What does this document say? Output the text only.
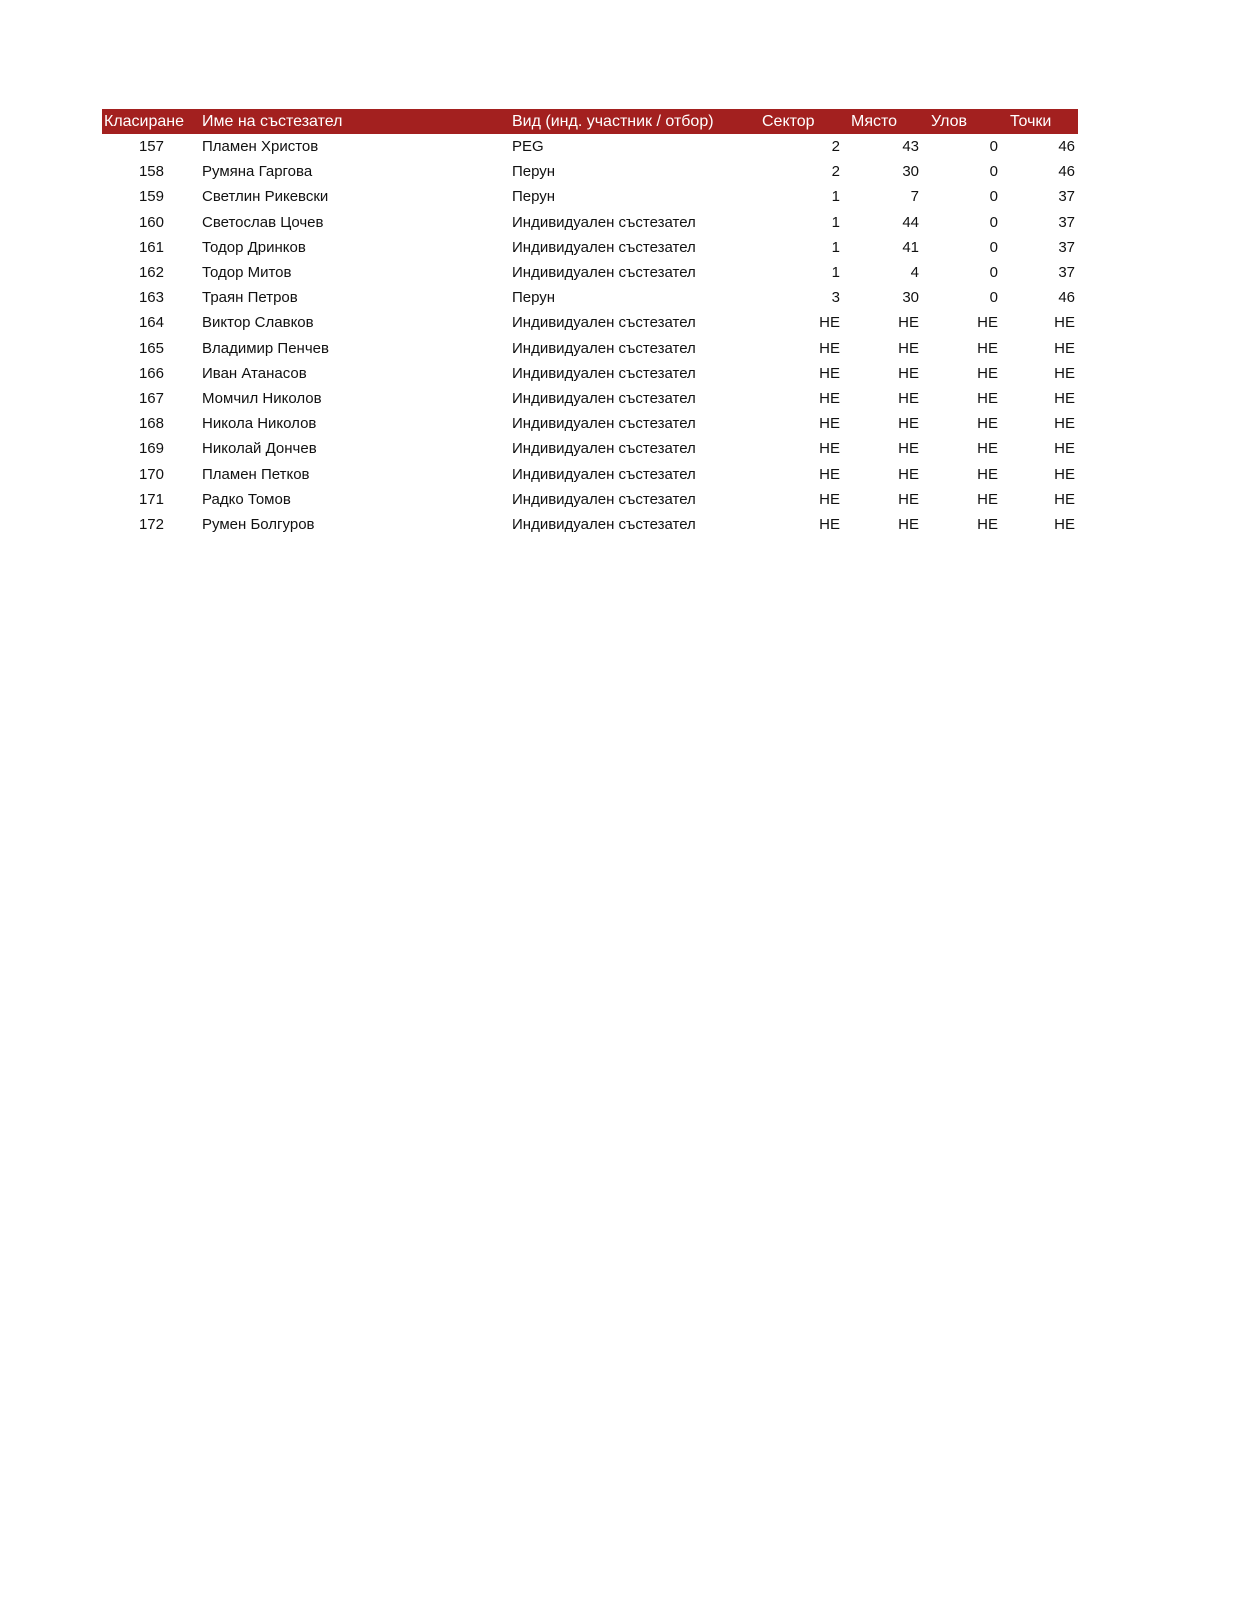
Класиране	Име на състезател	Вид (инд. участник / отбор)	Сектор	Място	Улов	Точки
157	Пламен Христов	PEG	2	43	0	46
158	Румяна Гаргова	Перун	2	30	0	46
159	Светлин Рикевски	Перун	1	7	0	37
160	Светослав Цочев	Индивидуален състезател	1	44	0	37
161	Тодор Дринков	Индивидуален състезател	1	41	0	37
162	Тодор Митов	Индивидуален състезател	1	4	0	37
163	Траян Петров	Перун	3	30	0	46
164	Виктор Славков	Индивидуален състезател	НЕ	НЕ	НЕ	НЕ
165	Владимир Пенчев	Индивидуален състезател	НЕ	НЕ	НЕ	НЕ
166	Иван Атанасов	Индивидуален състезател	НЕ	НЕ	НЕ	НЕ
167	Момчил Николов	Индивидуален състезател	НЕ	НЕ	НЕ	НЕ
168	Никола Николов	Индивидуален състезател	НЕ	НЕ	НЕ	НЕ
169	Николай Дончев	Индивидуален състезател	НЕ	НЕ	НЕ	НЕ
170	Пламен Петков	Индивидуален състезател	НЕ	НЕ	НЕ	НЕ
171	Радко Томов	Индивидуален състезател	НЕ	НЕ	НЕ	НЕ
172	Румен Болгуров	Индивидуален състезател	НЕ	НЕ	НЕ	НЕ
